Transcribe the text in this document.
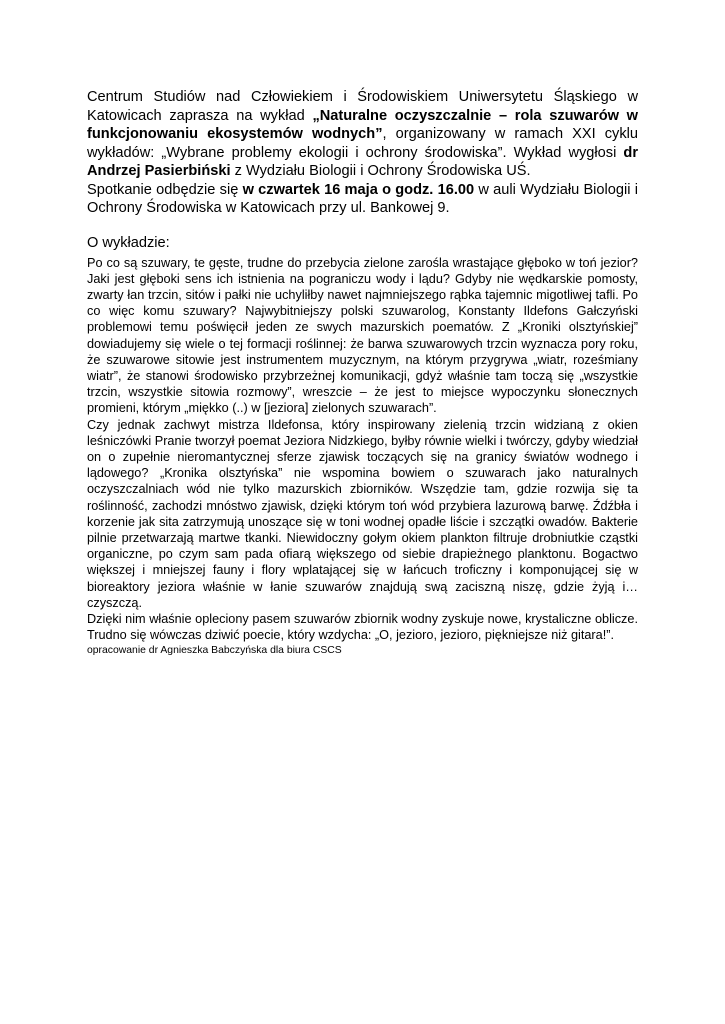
Centrum Studiów nad Człowiekiem i Środowiskiem Uniwersytetu Śląskiego w Katowicach zaprasza na wykład „Naturalne oczyszczalnie – rola szuwarów w funkcjonowaniu ekosystemów wodnych”, organizowany w ramach XXI cyklu wykładów: „Wybrane problemy ekologii i ochrony środowiska”. Wykład wygłosi dr Andrzej Pasierbiński z Wydziału Biologii i Ochrony Środowiska UŚ.

Spotkanie odbędzie się w czwartek 16 maja o godz. 16.00 w auli Wydziału Biologii i Ochrony Środowiska w Katowicach przy ul. Bankowej 9.

O wykładzie:

Po co są szuwary, te gęste, trudne do przebycia zielone zarośla wrastające głęboko w toń jezior? Jaki jest głęboki sens ich istnienia na pograniczu wody i lądu? Gdyby nie wędkarskie pomosty, zwarty łan trzcin, sitów i pałki nie uchyliłby nawet najmniejszego rąbka tajemnic migotliwej tafli. Po co więc komu szuwary? Najwybitniejszy polski szuwarolog, Konstanty Ildefons Gałczyński problemowi temu poświęcił jeden ze swych mazurskich poematów. Z „Kroniki olsztyńskiej” dowiadujemy się wiele o tej formacji roślinnej: że barwa szuwarowych trzcin wyznacza pory roku, że szuwarowe sitowie jest instrumentem muzycznym, na którym przygrywa „wiatr, roześmiany wiatr”, że stanowi środowisko przybrzeżnej komunikacji, gdyż właśnie tam toczą się „wszystkie trzcin, wszystkie sitowia rozmowy”, wreszcie – że jest to miejsce wypoczynku słonecznych promieni, którym „miękko (..) w [jeziora] zielonych szuwarach”.

Czy jednak zachwyt mistrza Ildefonsa, który inspirowany zielenią trzcin widzianą z okien leśniczówki Pranie tworzył poemat Jeziora Nidzkiego, byłby równie wielki i twórczy, gdyby wiedział on o zupełnie nieromantycznej sferze zjawisk toczących się na granicy światów wodnego i lądowego? „Kronika olsztyńska” nie wspomina bowiem o szuwarach jako naturalnych oczyszczalniach wód nie tylko mazurskich zbiorników. Wszędzie tam, gdzie rozwija się ta roślinność, zachodzi mnóstwo zjawisk, dzięki którym toń wód przybiera lazurową barwę. Źdźbła i korzenie jak sita zatrzymują unoszące się w toni wodnej opadłe liście i szczątki owadów. Bakterie pilnie przetwarzają martwe tkanki. Niewidoczny gołym okiem plankton filtruje drobniutkie cząstki organiczne, po czym sam pada ofiarą większego od siebie drapieżnego planktonu. Bogactwo większej i mniejszej fauny i flory wplatającej się w łańcuch troficzny i komponującej się w bioreaktory jeziora właśnie w łanie szuwarów znajdują swą zaciszną niszę, gdzie żyją i… czyszczą.

Dzięki nim właśnie opleciony pasem szuwarów zbiornik wodny zyskuje nowe, krystaliczne oblicze. Trudno się wówczas dziwić poecie, który wzdycha: „O, jezioro, jezioro, piękniejsze niż gitara!”.

opracowanie dr Agnieszka Babczyńska dla biura CSCS
